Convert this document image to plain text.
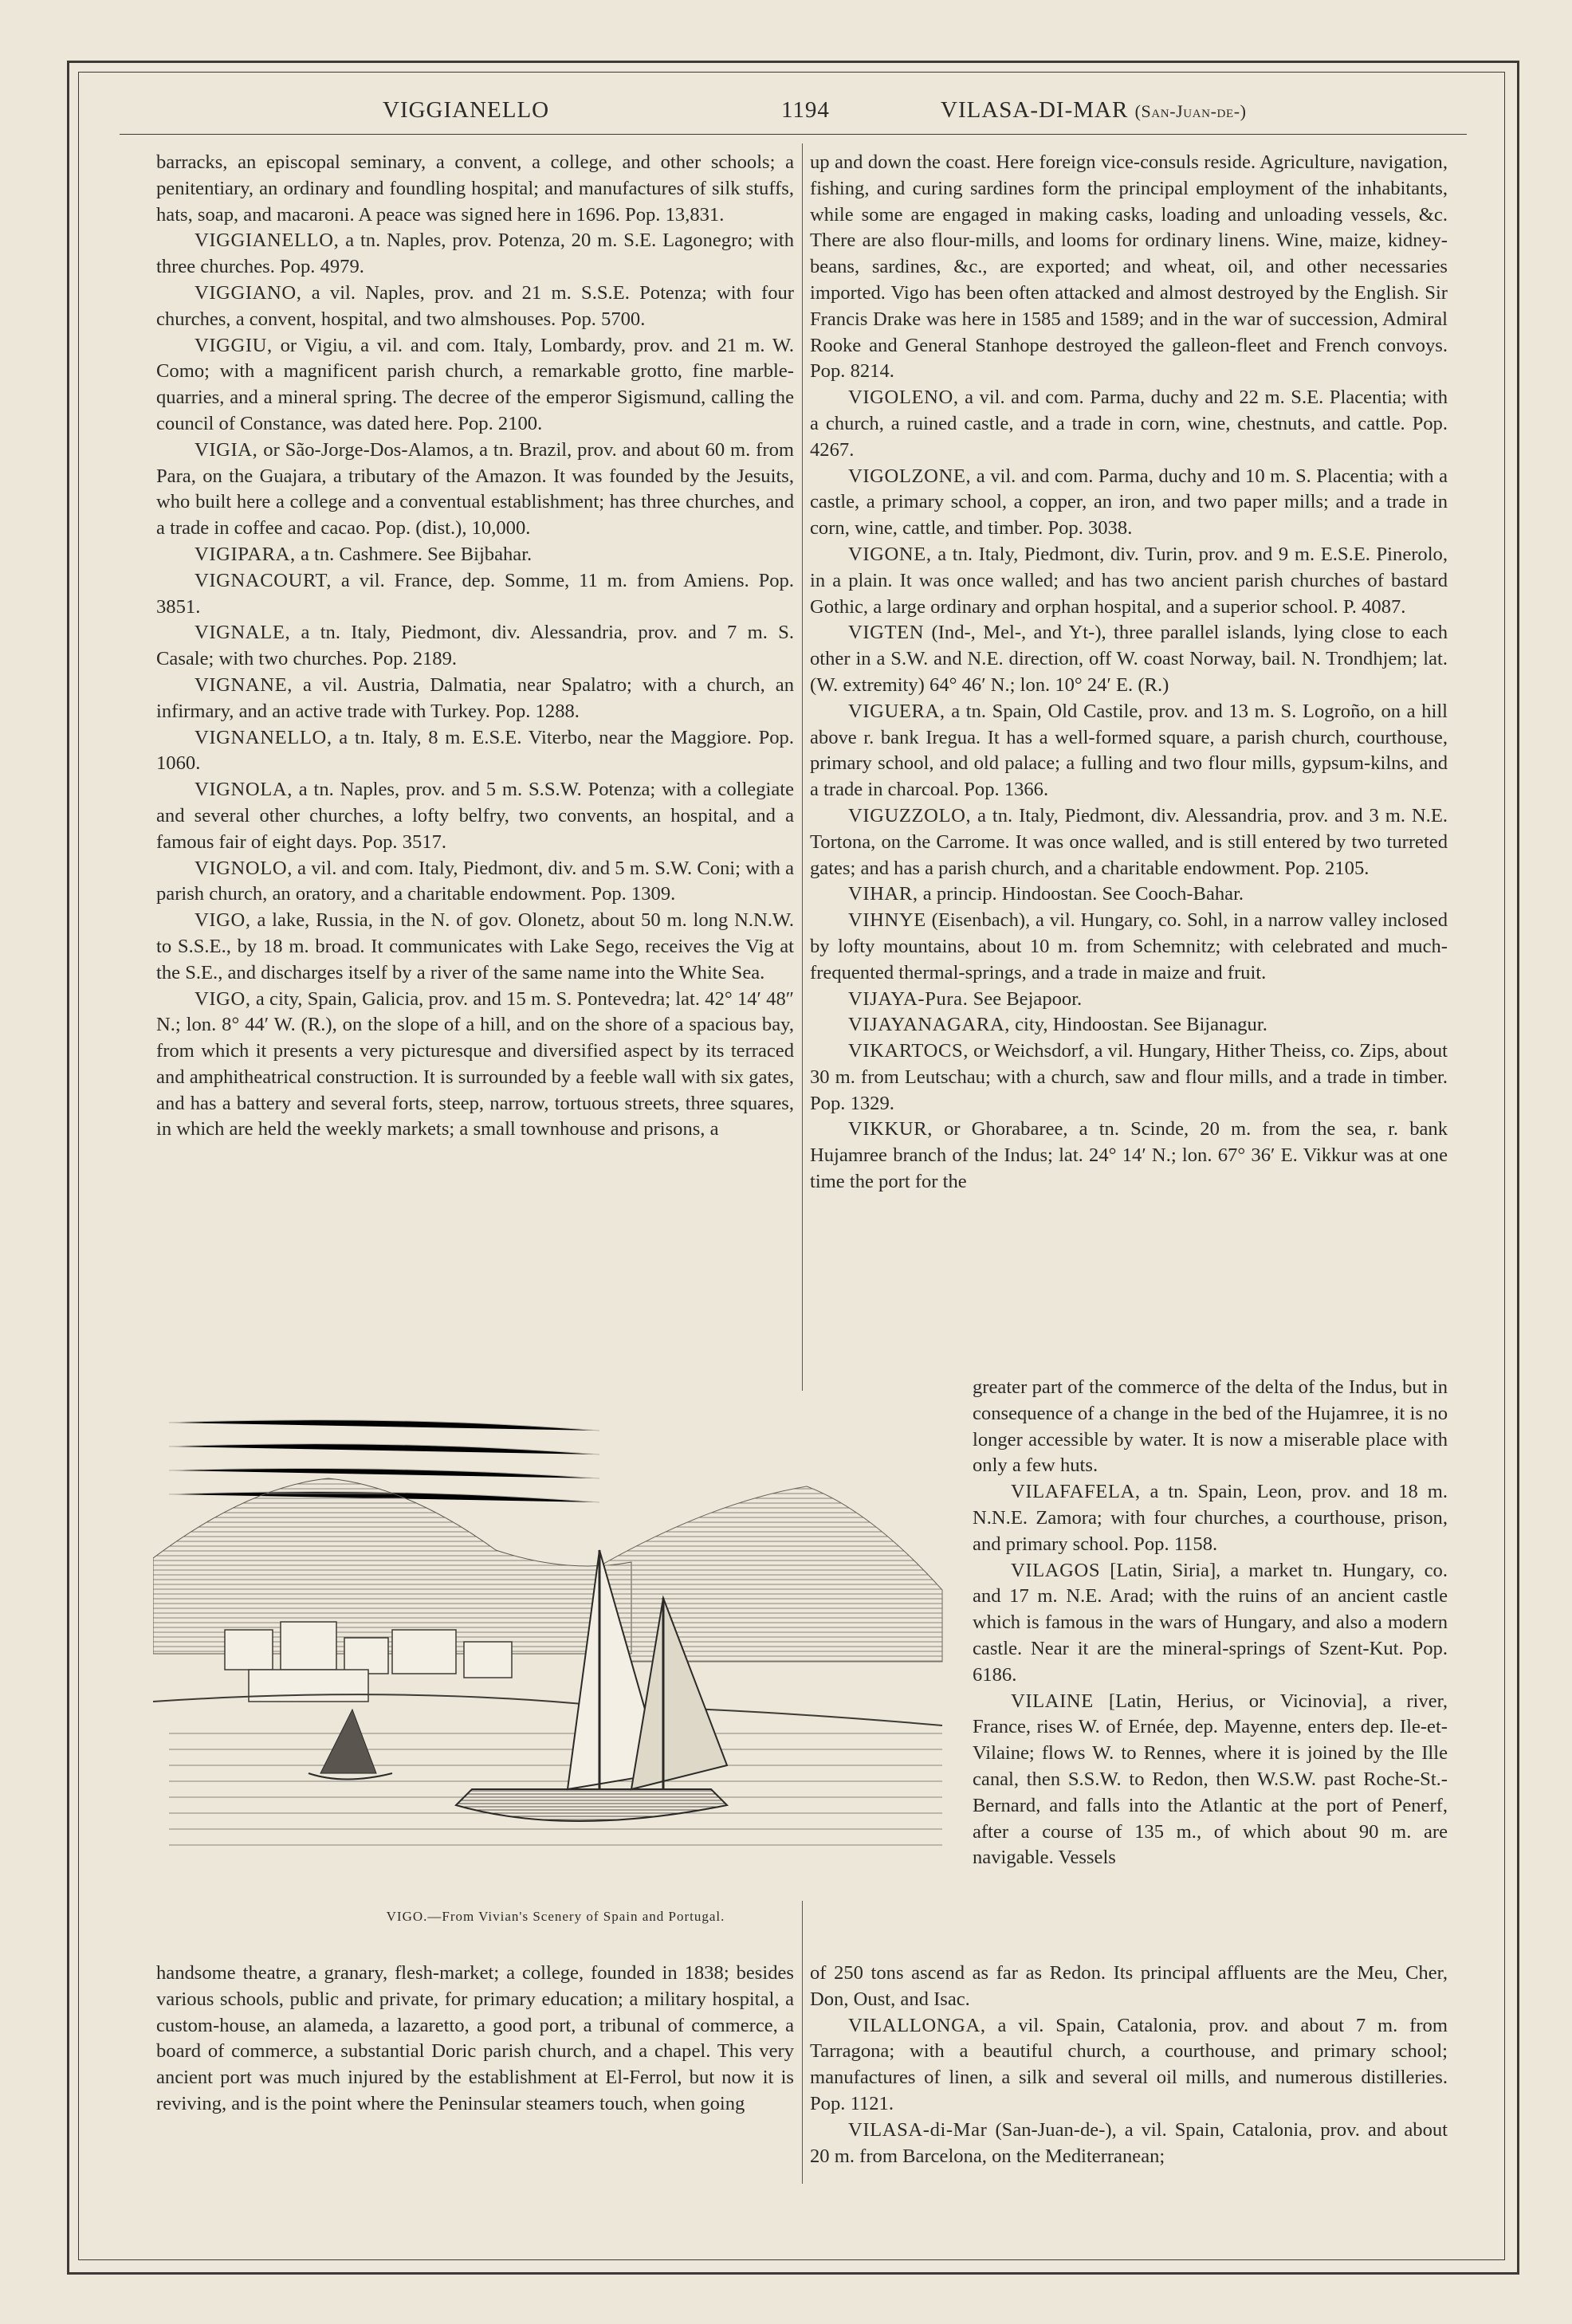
VIGGIANELLO	1194	VILASA-DI-MAR (San-Juan-de-)

barracks, an episcopal seminary, a convent, a college, and other schools; a penitentiary, an ordinary and foundling hospital; and manufactures of silk stuffs, hats, soap, and macaroni. A peace was signed here in 1696. Pop. 13,831.

VIGGIANELLO, a tn. Naples, prov. Potenza, 20 m. S.E. Lagonegro; with three churches. Pop. 4979.

VIGGIANO, a vil. Naples, prov. and 21 m. S.S.E. Potenza; with four churches, a convent, hospital, and two almshouses. Pop. 5700.

VIGGIU, or Vigiu, a vil. and com. Italy, Lombardy, prov. and 21 m. W. Como; with a magnificent parish church, a remarkable grotto, fine marble-quarries, and a mineral spring. The decree of the emperor Sigismund, calling the council of Constance, was dated here. Pop. 2100.

VIGIA, or São-Jorge-Dos-Alamos, a tn. Brazil, prov. and about 60 m. from Para, on the Guajara, a tributary of the Amazon. It was founded by the Jesuits, who built here a college and a conventual establishment; has three churches, and a trade in coffee and cacao. Pop. (dist.), 10,000.

VIGIPARA, a tn. Cashmere. See Bijbahar.

VIGNACOURT, a vil. France, dep. Somme, 11 m. from Amiens. Pop. 3851.

VIGNALE, a tn. Italy, Piedmont, div. Alessandria, prov. and 7 m. S. Casale; with two churches. Pop. 2189.

VIGNANE, a vil. Austria, Dalmatia, near Spalatro; with a church, an infirmary, and an active trade with Turkey. Pop. 1288.

VIGNANELLO, a tn. Italy, 8 m. E.S.E. Viterbo, near the Maggiore. Pop. 1060.

VIGNOLA, a tn. Naples, prov. and 5 m. S.S.W. Potenza; with a collegiate and several other churches, a lofty belfry, two convents, an hospital, and a famous fair of eight days. Pop. 3517.

VIGNOLO, a vil. and com. Italy, Piedmont, div. and 5 m. S.W. Coni; with a parish church, an oratory, and a charitable endowment. Pop. 1309.

VIGO, a lake, Russia, in the N. of gov. Olonetz, about 50 m. long N.N.W. to S.S.E., by 18 m. broad. It communicates with Lake Sego, receives the Vig at the S.E., and discharges itself by a river of the same name into the White Sea.

VIGO, a city, Spain, Galicia, prov. and 15 m. S. Pontevedra; lat. 42° 14′ 48″ N.; lon. 8° 44′ W. (R.), on the slope of a hill, and on the shore of a spacious bay, from which it presents a very picturesque and diversified aspect by its terraced and amphitheatrical construction. It is surrounded by a feeble wall with six gates, and has a battery and several forts, steep, narrow, tortuous streets, three squares, in which are held the weekly markets; a small townhouse and prisons, a

up and down the coast. Here foreign vice-consuls reside. Agriculture, navigation, fishing, and curing sardines form the principal employment of the inhabitants, while some are engaged in making casks, loading and unloading vessels, &c. There are also flour-mills, and looms for ordinary linens. Wine, maize, kidney-beans, sardines, &c., are exported; and wheat, oil, and other necessaries imported. Vigo has been often attacked and almost destroyed by the English. Sir Francis Drake was here in 1585 and 1589; and in the war of succession, Admiral Rooke and General Stanhope destroyed the galleon-fleet and French convoys. Pop. 8214.

VIGOLENO, a vil. and com. Parma, duchy and 22 m. S.E. Placentia; with a church, a ruined castle, and a trade in corn, wine, chestnuts, and cattle. Pop. 4267.

VIGOLZONE, a vil. and com. Parma, duchy and 10 m. S. Placentia; with a castle, a primary school, a copper, an iron, and two paper mills; and a trade in corn, wine, cattle, and timber. Pop. 3038.

VIGONE, a tn. Italy, Piedmont, div. Turin, prov. and 9 m. E.S.E. Pinerolo, in a plain. It was once walled; and has two ancient parish churches of bastard Gothic, a large ordinary and orphan hospital, and a superior school. P. 4087.

VIGTEN (Ind-, Mel-, and Yt-), three parallel islands, lying close to each other in a S.W. and N.E. direction, off W. coast Norway, bail. N. Trondhjem; lat. (W. extremity) 64° 46′ N.; lon. 10° 24′ E. (R.)

VIGUERA, a tn. Spain, Old Castile, prov. and 13 m. S. Logroño, on a hill above r. bank Iregua. It has a well-formed square, a parish church, courthouse, primary school, and old palace; a fulling and two flour mills, gypsum-kilns, and a trade in charcoal. Pop. 1366.

VIGUZZOLO, a tn. Italy, Piedmont, div. Alessandria, prov. and 3 m. N.E. Tortona, on the Carrome. It was once walled, and is still entered by two turreted gates; and has a parish church, and a charitable endowment. Pop. 2105.

VIHAR, a princip. Hindoostan. See Cooch-Bahar.

VIHNYE (Eisenbach), a vil. Hungary, co. Sohl, in a narrow valley inclosed by lofty mountains, about 10 m. from Schemnitz; with celebrated and much-frequented thermal-springs, and a trade in maize and fruit.

VIJAYA-Pura. See Bejapoor.

VIJAYANAGARA, city, Hindoostan. See Bijanagur.

VIKARTOCS, or Weichsdorf, a vil. Hungary, Hither Theiss, co. Zips, about 30 m. from Leutschau; with a church, saw and flour mills, and a trade in timber. Pop. 1329.

VIKKUR, or Ghorabaree, a tn. Scinde, 20 m. from the sea, r. bank Hujamree branch of the Indus; lat. 24° 14′ N.; lon. 67° 36′ E. Vikkur was at one time the port for the

VIGO.—From Vivian's Scenery of Spain and Portugal.

greater part of the commerce of the delta of the Indus, but in consequence of a change in the bed of the Hujamree, it is no longer accessible by water. It is now a miserable place with only a few huts.

VILAFAFELA, a tn. Spain, Leon, prov. and 18 m. N.N.E. Zamora; with four churches, a courthouse, prison, and primary school. Pop. 1158.

VILAGOS [Latin, Siria], a market tn. Hungary, co. and 17 m. N.E. Arad; with the ruins of an ancient castle which is famous in the wars of Hungary, and also a modern castle. Near it are the mineral-springs of Szent-Kut. Pop. 6186.

VILAINE [Latin, Herius, or Vicinovia], a river, France, rises W. of Ernée, dep. Mayenne, enters dep. Ile-et-Vilaine; flows W. to Rennes, where it is joined by the Ille canal, then S.S.W. to Redon, then W.S.W. past Roche-St.-Bernard, and falls into the Atlantic at the port of Penerf, after a course of 135 m., of which about 90 m. are navigable. Vessels

handsome theatre, a granary, flesh-market; a college, founded in 1838; besides various schools, public and private, for primary education; a military hospital, a custom-house, an alameda, a lazaretto, a good port, a tribunal of commerce, a board of commerce, a substantial Doric parish church, and a chapel. This very ancient port was much injured by the establishment at El-Ferrol, but now it is reviving, and is the point where the Peninsular steamers touch, when going

of 250 tons ascend as far as Redon. Its principal affluents are the Meu, Cher, Don, Oust, and Isac.

VILALLONGA, a vil. Spain, Catalonia, prov. and about 7 m. from Tarragona; with a beautiful church, a courthouse, and primary school; manufactures of linen, a silk and several oil mills, and numerous distilleries. Pop. 1121.

VILASA-di-Mar (San-Juan-de-), a vil. Spain, Catalonia, prov. and about 20 m. from Barcelona, on the Mediterranean;
